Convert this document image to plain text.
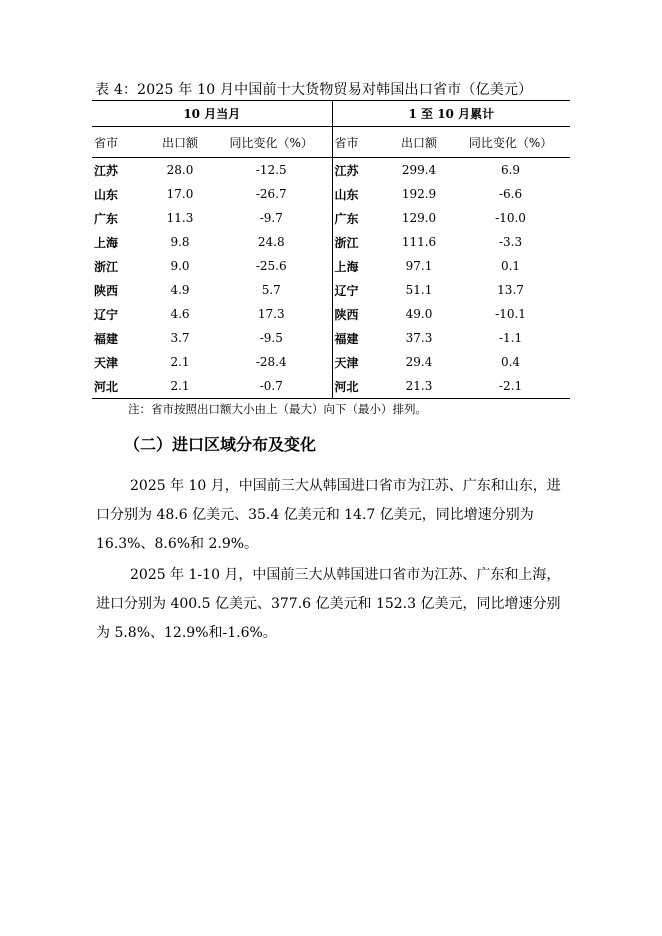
表 4：2025 年 10 月中国前十大货物贸易对韩国出口省市（亿美元）
10 月当月			1 至 10 月累计		
省市	出口额	同比变化（%）	省市	出口额	同比变化（%）
江苏	28.0	-12.5	江苏	299.4	6.9
山东	17.0	-26.7	山东	192.9	-6.6
广东	11.3	-9.7	广东	129.0	-10.0
上海	9.8	24.8	浙江	111.6	-3.3
浙江	9.0	-25.6	上海	97.1	0.1
陕西	4.9	5.7	辽宁	51.1	13.7
辽宁	4.6	17.3	陕西	49.0	-10.1
福建	3.7	-9.5	福建	37.3	-1.1
天津	2.1	-28.4	天津	29.4	0.4
河北	2.1	-0.7	河北	21.3	-2.1
注：省市按照出口额大小由上（最大）向下（最小）排列。
（二）进口区域分布及变化

2025 年 10 月，中国前三大从韩国进口省市为江苏、广东和山东，进口分别为 48.6 亿美元、35.4 亿美元和 14.7 亿美元，同比增速分别为 16.3%、8.6%和 2.9%。

2025 年 1-10 月，中国前三大从韩国进口省市为江苏、广东和上海，进口分别为 400.5 亿美元、377.6 亿美元和 152.3 亿美元，同比增速分别为 5.8%、12.9%和-1.6%。
